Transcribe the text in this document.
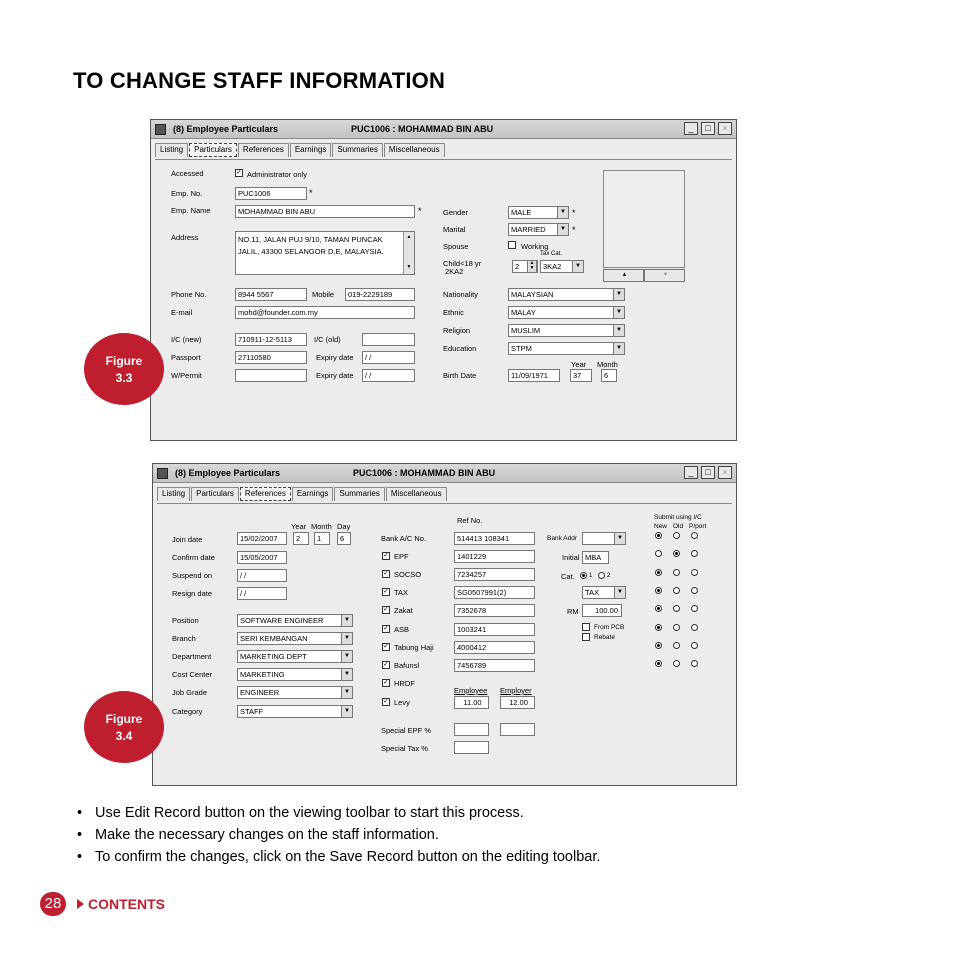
TO CHANGE STAFF INFORMATION
(8) Employee Particulars	PUC1006 : MOHAMMAD BIN ABU	_	□	×
Listing	Particulars	References	Earnings	Summaries	Miscellaneous
Accessed	✓ Administrator only
Emp. No.	PUC1006	*
Emp. Name	MOHAMMAD BIN ABU	*
Address	NO.11, JALAN PUJ 9/10, TAMAN PUNCAK
JALIL, 43300 SELANGOR D.E, MALAYSIA.
▲

▼
Phone No.	8944 5567	Mobile	019-2229189
E-mail	mohd@founder.com.my
I/C (new)	710911-12-5113	I/C (old)
Passport	27110580	Expiry date	/ /
W/Permit	Expiry date	/ /
Gender	MALE	▼ *
Marital	MARRIED	▼ *
Spouse	Working
Tax Cat.
Child<18 yr
2KA2
2	▲
▼	3KA2	▼
Nationality	MALAYSIAN	▼
Ethnic	MALAY	▼
Religion	MUSLIM	▼
Education	STPM	▼
Birth Date	11/09/1971
Year Month
37	6
▲	▼
Figure
3.3
(8) Employee Particulars	PUC1006 : MOHAMMAD BIN ABU	_	□	×
Listing	Particulars	References	Earnings	Summaries	Miscellaneous
Year Month Day
Join date	15/02/2007	2	1	6
Confirm date	15/05/2007
Suspend on	/ /
Resign date	/ /
Position	SOFTWARE ENGINEER	▼
Branch	SERI KEMBANGAN	▼
Department	MARKETING DEPT	▼
Cost Center	MARKETING	▼
Job Grade	ENGINEER	▼
Category	STAFF	▼
Ref No.
Bank A/C No.	514413 108341
✓ EPF	1401229
✓ SOCSO	7234257
✓ TAX	SG0507991(2)
✓ Zakat	7352678
✓ ASB	1003241
✓ Tabung Haji	4000412
✓ Bafunsl	7456789
✓ HRDF
Employee Employer
✓ Levy	11.00	12.00
Special EPF %
Special Tax %
Bank Addr	▼
Initial MBA
Cat. 1 2
TAX	▼
RM	100.00
From PCB
Rebate
Submit using I/C
New Old P/port
Figure
3.4
• Use Edit Record button on the viewing toolbar to start this process.
• Make the necessary changes on the staff information.
• To confirm the changes, click on the Save Record button on the editing toolbar.
28	CONTENTS
